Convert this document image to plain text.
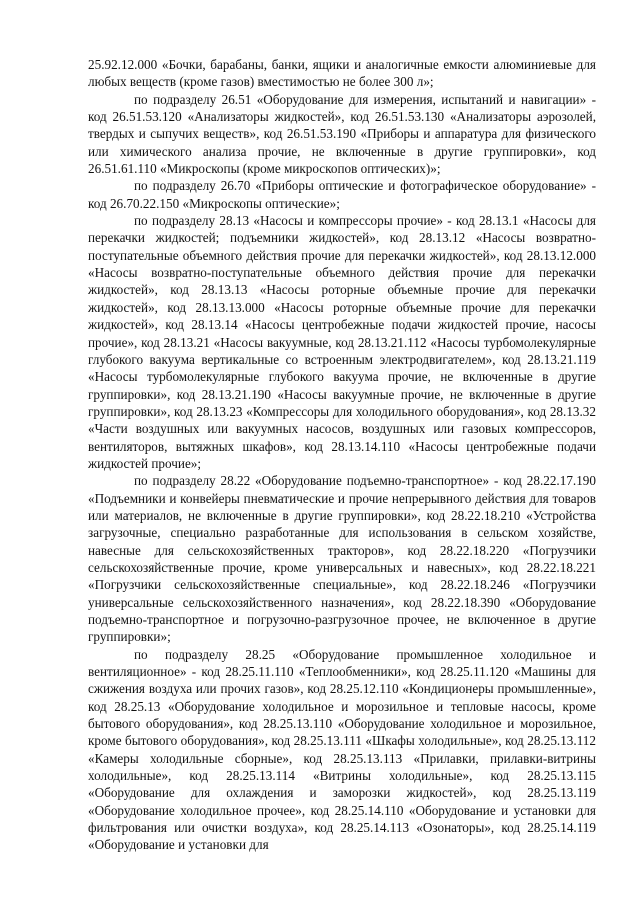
25.92.12.000 «Бочки, барабаны, банки, ящики и аналогичные емкости алюминиевые для любых веществ (кроме газов) вместимостью не более 300 л»;

по подразделу 26.51 «Оборудование для измерения, испытаний и навигации» - код 26.51.53.120 «Анализаторы жидкостей», код 26.51.53.130 «Анализаторы аэрозолей, твердых и сыпучих веществ», код 26.51.53.190 «Приборы и аппаратура для физического или химического анализа прочие, не включенные в другие группировки», код 26.51.61.110 «Микроскопы (кроме микроскопов оптических)»;

по подразделу 26.70 «Приборы оптические и фотографическое оборудование» - код 26.70.22.150 «Микроскопы оптические»;

по подразделу 28.13 «Насосы и компрессоры прочие» - код 28.13.1 «Насосы для перекачки жидкостей; подъемники жидкостей», код 28.13.12 «Насосы возвратно-поступательные объемного действия прочие для перекачки жидкостей», код 28.13.12.000 «Насосы возвратно-поступательные объемного действия прочие для перекачки жидкостей», код 28.13.13 «Насосы роторные объемные прочие для перекачки жидкостей», код 28.13.13.000 «Насосы роторные объемные прочие для перекачки жидкостей», код 28.13.14 «Насосы центробежные подачи жидкостей прочие, насосы прочие», код 28.13.21 «Насосы вакуумные, код 28.13.21.112 «Насосы турбомолекулярные глубокого вакуума вертикальные со встроенным электродвигателем», код 28.13.21.119 «Насосы турбомолекулярные глубокого вакуума прочие, не включенные в другие группировки», код 28.13.21.190 «Насосы вакуумные прочие, не включенные в другие группировки», код 28.13.23 «Компрессоры для холодильного оборудования», код 28.13.32 «Части воздушных или вакуумных насосов, воздушных или газовых компрессоров, вентиляторов, вытяжных шкафов», код 28.13.14.110 «Насосы центробежные подачи жидкостей прочие»;

по подразделу 28.22 «Оборудование подъемно-транспортное» - код 28.22.17.190 «Подъемники и конвейеры пневматические и прочие непрерывного действия для товаров или материалов, не включенные в другие группировки», код 28.22.18.210 «Устройства загрузочные, специально разработанные для использования в сельском хозяйстве, навесные для сельскохозяйственных тракторов», код 28.22.18.220 «Погрузчики сельскохозяйственные прочие, кроме универсальных и навесных», код 28.22.18.221 «Погрузчики сельскохозяйственные специальные», код 28.22.18.246 «Погрузчики универсальные сельскохозяйственного назначения», код 28.22.18.390 «Оборудование подъемно-транспортное и погрузочно-разгрузочное прочее, не включенное в другие группировки»;

по подразделу 28.25 «Оборудование промышленное холодильное и вентиляционное» - код 28.25.11.110 «Теплообменники», код 28.25.11.120 «Машины для сжижения воздуха или прочих газов», код 28.25.12.110 «Кондиционеры промышленные», код 28.25.13 «Оборудование холодильное и морозильное и тепловые насосы, кроме бытового оборудования», код 28.25.13.110 «Оборудование холодильное и морозильное, кроме бытового оборудования», код 28.25.13.111 «Шкафы холодильные», код 28.25.13.112 «Камеры холодильные сборные», код 28.25.13.113 «Прилавки, прилавки-витрины холодильные», код 28.25.13.114 «Витрины холодильные», код 28.25.13.115 «Оборудование для охлаждения и заморозки жидкостей», код 28.25.13.119 «Оборудование холодильное прочее», код 28.25.14.110 «Оборудование и установки для фильтрования или очистки воздуха», код 28.25.14.113 «Озонаторы», код 28.25.14.119 «Оборудование и установки для
